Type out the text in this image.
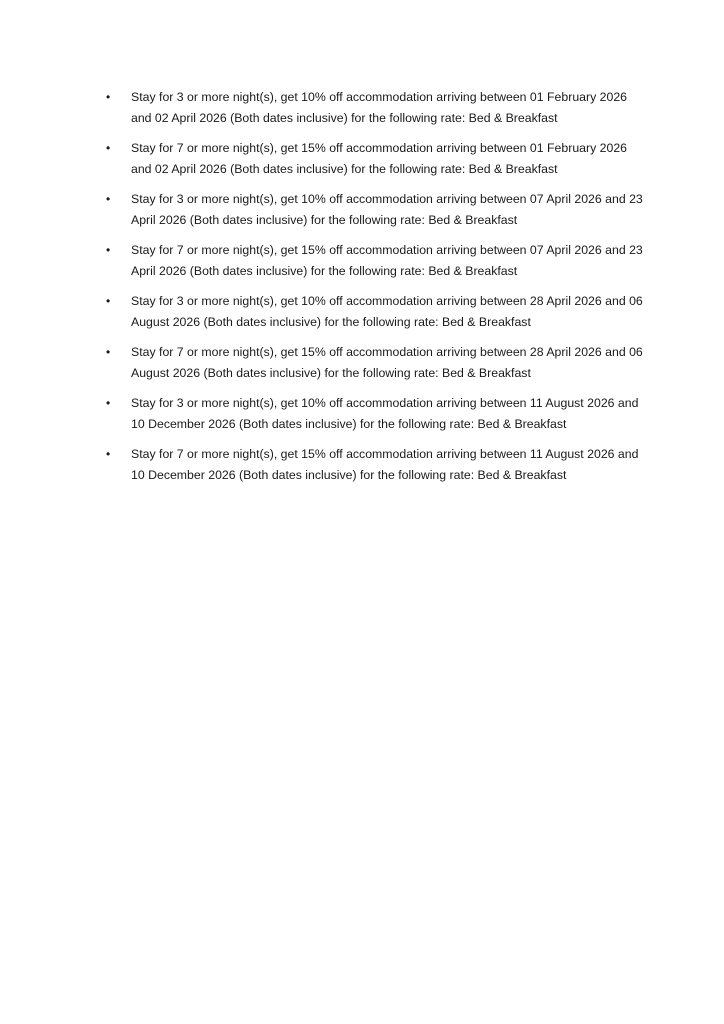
•	Stay for 3 or more night(s), get 10% off accommodation arriving between 01 February 2026 and 02 April 2026 (Both dates inclusive) for the following rate: Bed & Breakfast
•	Stay for 7 or more night(s), get 15% off accommodation arriving between 01 February 2026 and 02 April 2026 (Both dates inclusive) for the following rate: Bed & Breakfast
•	Stay for 3 or more night(s), get 10% off accommodation arriving between 07 April 2026 and 23 April 2026 (Both dates inclusive) for the following rate: Bed & Breakfast
•	Stay for 7 or more night(s), get 15% off accommodation arriving between 07 April 2026 and 23 April 2026 (Both dates inclusive) for the following rate: Bed & Breakfast
•	Stay for 3 or more night(s), get 10% off accommodation arriving between 28 April 2026 and 06 August 2026 (Both dates inclusive) for the following rate: Bed & Breakfast
•	Stay for 7 or more night(s), get 15% off accommodation arriving between 28 April 2026 and 06 August 2026 (Both dates inclusive) for the following rate: Bed & Breakfast
•	Stay for 3 or more night(s), get 10% off accommodation arriving between 11 August 2026 and 10 December 2026 (Both dates inclusive) for the following rate: Bed & Breakfast
•	Stay for 7 or more night(s), get 15% off accommodation arriving between 11 August 2026 and 10 December 2026 (Both dates inclusive) for the following rate: Bed & Breakfast
